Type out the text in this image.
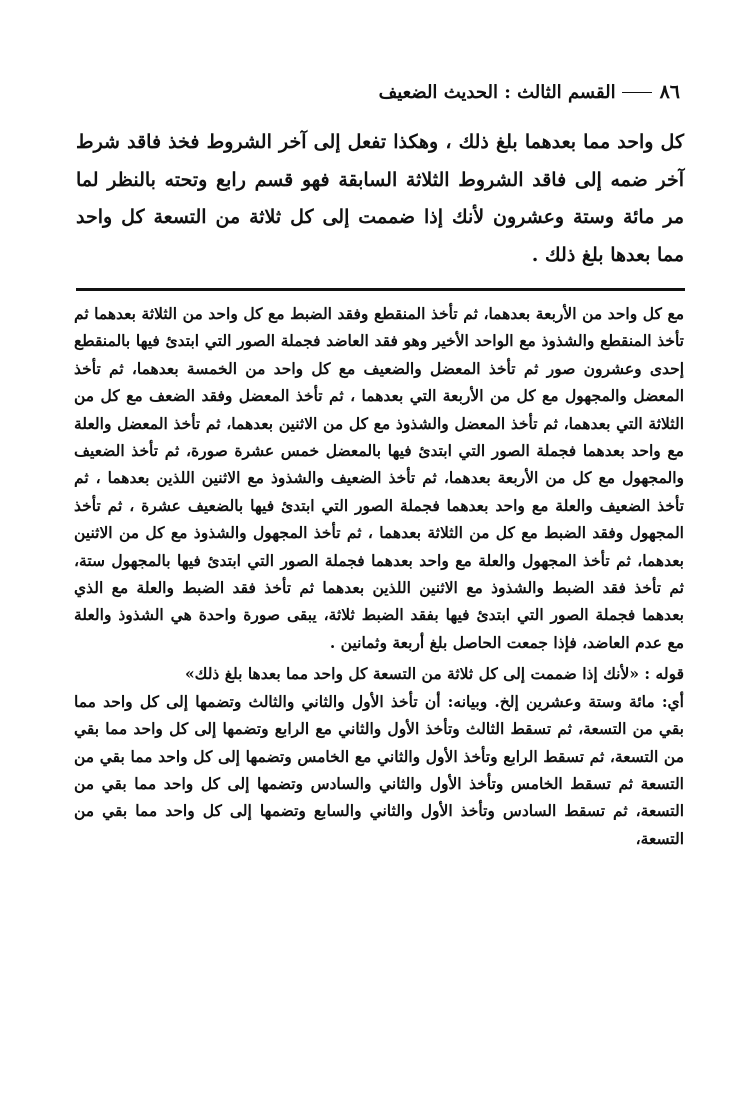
٨٦
القسم الثالث : الحديث الضعيف
كل واحد مما بعدهما بلغ ذلك ، وهكذا تفعل إلى آخر الشروط فخذ فاقد شرط آخر ضمه إلى فاقد الشروط الثلاثة السابقة فهو قسم رابع وتحته بالنظر لما مر مائة وستة وعشرون لأنك إذا ضممت إلى كل ثلاثة من التسعة كل واحد مما بعدها بلغ ذلك .

مع كل واحد من الأربعة بعدهما، ثم تأخذ المنقطع وفقد الضبط مع كل واحد من الثلاثة بعدهما ثم تأخذ المنقطع والشذوذ مع الواحد الأخير وهو فقد العاضد فجملة الصور التي ابتدئ فيها بالمنقطع إحدى وعشرون صور ثم تأخذ المعضل والضعيف مع كل واحد من الخمسة بعدهما، ثم تأخذ المعضل والمجهول مع كل من الأربعة التي بعدهما ، ثم تأخذ المعضل وفقد الضعف مع كل من الثلاثة التي بعدهما، ثم تأخذ المعضل والشذوذ مع كل من الاثنين بعدهما، ثم تأخذ المعضل والعلة مع واحد بعدهما فجملة الصور التي ابتدئ فيها بالمعضل خمس عشرة صورة، ثم تأخذ الضعيف والمجهول مع كل من الأربعة بعدهما، ثم تأخذ الضعيف والشذوذ مع الاثنين اللذين بعدهما ، ثم تأخذ الضعيف والعلة مع واحد بعدهما فجملة الصور التي ابتدئ فيها بالضعيف عشرة ، ثم تأخذ المجهول وفقد الضبط مع كل من الثلاثة بعدهما ، ثم تأخذ المجهول والشذوذ مع كل من الاثنين بعدهما، ثم تأخذ المجهول والعلة مع واحد بعدهما فجملة الصور التي ابتدئ فيها بالمجهول ستة، ثم تأخذ فقد الضبط والشذوذ مع الاثنين اللذين بعدهما ثم تأخذ فقد الضبط والعلة مع الذي بعدهما فجملة الصور التي ابتدئ فيها بفقد الضبط ثلاثة، يبقى صورة واحدة هي الشذوذ والعلة مع عدم العاضد، فإذا جمعت الحاصل بلغ أربعة وثمانين .

قوله : «لأنك إذا ضممت إلى كل ثلاثة من التسعة كل واحد مما بعدها بلغ ذلك»

أي: مائة وستة وعشرين إلخ. وبيانه: أن تأخذ الأول والثاني والثالث وتضمها إلى كل واحد مما بقي من التسعة، ثم تسقط الثالث وتأخذ الأول والثاني مع الرابع وتضمها إلى كل واحد مما بقي من التسعة، ثم تسقط الرابع وتأخذ الأول والثاني مع الخامس وتضمها إلى كل واحد مما بقي من التسعة ثم تسقط الخامس وتأخذ الأول والثاني والسادس وتضمها إلى كل واحد مما بقي من التسعة، ثم تسقط السادس وتأخذ الأول والثاني والسابع وتضمها إلى كل واحد مما بقي من التسعة،
